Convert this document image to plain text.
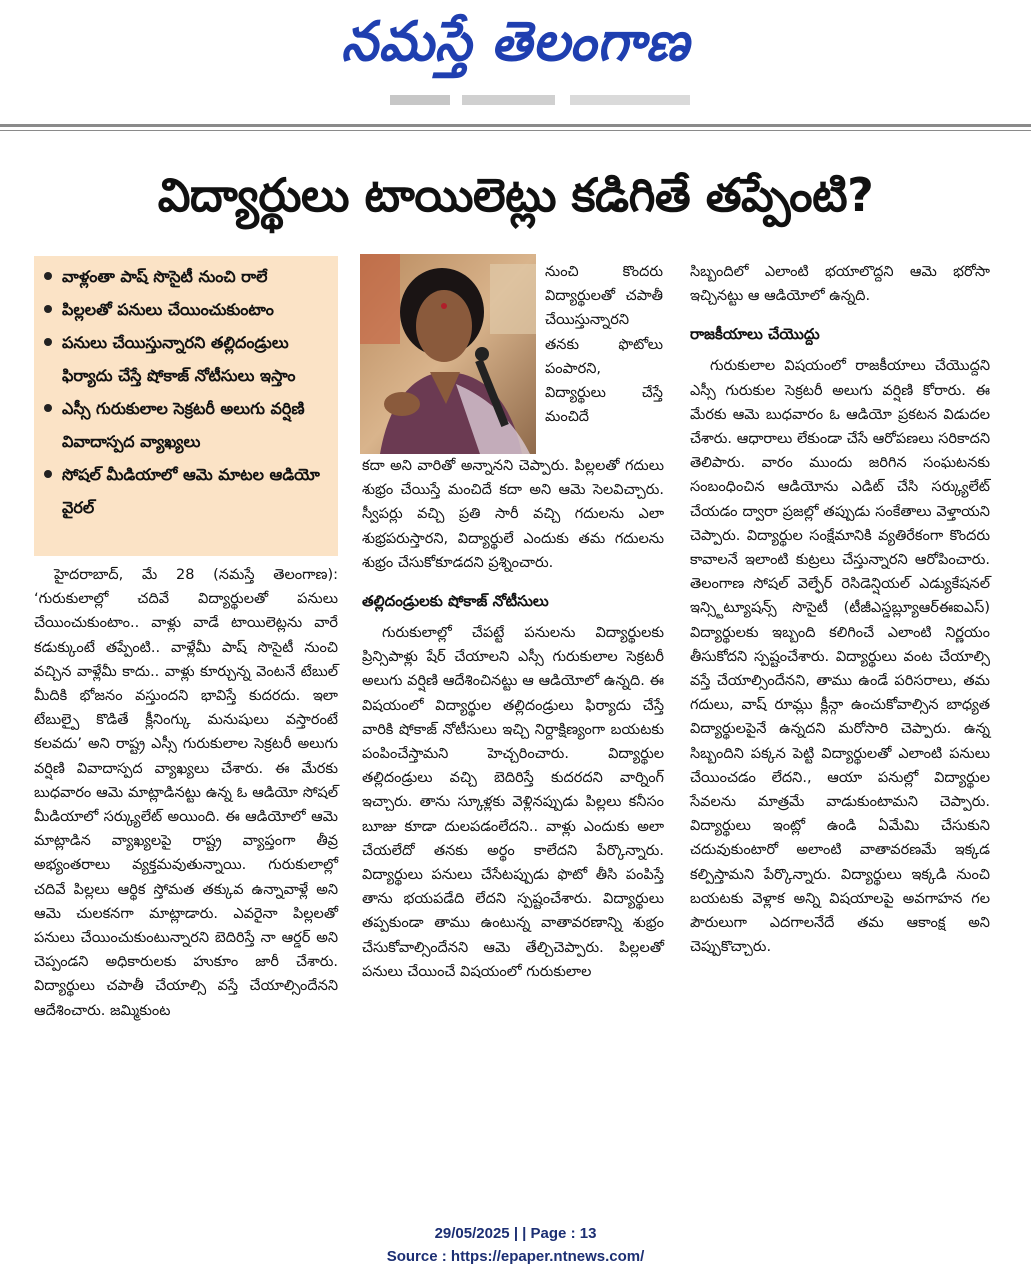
నమస్తే తెలంగాణ
విద్యార్థులు టాయిలెట్లు కడిగితే తప్పేంటి?
వాళ్లంతా పాష్ సొసైటీ నుంచి రాలే
పిల్లలతో పనులు చేయించుకుంటాం
పనులు చేయిస్తున్నారని తల్లిదండ్రులు ఫిర్యాదు చేస్తే షోకాజ్ నోటీసులు ఇస్తాం
ఎస్సీ గురుకులాల సెక్రటరీ అలుగు వర్షిణి వివాదాస్పద వ్యాఖ్యలు
సోషల్ మీడియాలో ఆమె మాటల ఆడియో వైరల్

హైదరాబాద్, మే 28 (నమస్తే తెలంగాణ): ‘గురుకులాల్లో చదివే విద్యార్థులతో పనులు చేయించుకుంటాం.. వాళ్లు వాడే టాయిలెట్లను వారే కడుక్కుంటే తప్పేంటి.. వాళ్లేమీ పాష్ సొసైటీ నుంచి వచ్చిన వాళ్లేమీ కాదు.. వాళ్లు కూర్చున్న వెంటనే టేబుల్ మీదికి భోజనం వస్తుందని భావిస్తే కుదరదు. ఇలా టేబుల్పై కొడితే క్లీనింగ్కు మనుషులు వస్తారంటే కలవదు’ అని రాష్ట్ర ఎస్సీ గురుకులాల సెక్రటరీ అలుగు వర్షిణి వివాదాస్పద వ్యాఖ్యలు చేశారు. ఈ మేరకు బుధవారం ఆమె మాట్లాడినట్టు ఉన్న ఓ ఆడియో సోషల్ మీడియాలో సర్క్యులేట్ అయింది. ఈ ఆడియోలో ఆమె మాట్లాడిన వ్యాఖ్యలపై రాష్ట్ర వ్యాప్తంగా తీవ్ర అభ్యంతరాలు వ్యక్తమవుతున్నాయి. గురుకులాల్లో చదివే పిల్లలు ఆర్థిక స్తోమత తక్కువ ఉన్నావాళ్లే అని ఆమె చులకనగా మాట్లాడారు. ఎవరైనా పిల్లలతో పనులు చేయించుకుంటున్నారని బెదిరిస్తే నా ఆర్డర్ అని చెప్పండని అధికారులకు హుకూం జారీ చేశారు. విద్యార్థులు చపాతీ చేయాల్సి వస్తే చేయాల్సిందేనని ఆదేశించారు. జమ్మికుంట

నుంచి కొందరు విద్యార్థులతో చపాతీ చేయిస్తున్నారని తనకు ఫొటోలు పంపారని, విద్యార్థులు చేస్తే మంచిదే

కదా అని వారితో అన్నానని చెప్పారు. పిల్లలతో గదులు శుభ్రం చేయిస్తే మంచిదే కదా అని ఆమె సెలవిచ్చారు. స్వీపర్లు వచ్చి ప్రతి సారీ వచ్చి గదులను ఎలా శుభ్రపరుస్తారని, విద్యార్థులే ఎందుకు తమ గదులను శుభ్రం చేసుకోకూడదని ప్రశ్నించారు.

తల్లిదండ్రులకు షోకాజ్ నోటీసులు

గురుకులాల్లో చేపట్టే పనులను విద్యార్థులకు ప్రిన్సిపాళ్లు షేర్ చేయాలని ఎస్సీ గురుకులాల సెక్రటరీ అలుగు వర్షిణి ఆదేశించినట్టు ఆ ఆడియోలో ఉన్నది. ఈ విషయంలో విద్యార్థుల తల్లిదండ్రులు ఫిర్యాదు చేస్తే వారికి షోకాజ్ నోటీసులు ఇచ్చి నిర్దాక్షిణ్యంగా బయటకు పంపించేస్తామని హెచ్చరించారు. విద్యార్థుల తల్లిదండ్రులు వచ్చి బెదిరిస్తే కుదరదని వార్నింగ్ ఇచ్చారు. తాను స్కూళ్లకు వెళ్లినప్పుడు పిల్లలు కనీసం బూజు కూడా దులపడంలేదని.. వాళ్లు ఎందుకు అలా చేయలేదో తనకు అర్థం కాలేదని పేర్కొన్నారు. విద్యార్థులు పనులు చేసేటప్పుడు ఫొటో తీసి పంపిస్తే తాను భయపడేది లేదని స్పష్టంచేశారు. విద్యార్థులు తప్పకుండా తాము ఉంటున్న వాతావరణాన్ని శుభ్రం చేసుకోవాల్సిందేనని ఆమె తేల్చిచెప్పారు. పిల్లలతో పనులు చేయించే విషయంలో గురుకులాల

సిబ్బందిలో ఎలాంటి భయాలొద్దని ఆమె భరోసా ఇచ్చినట్టు ఆ ఆడియోలో ఉన్నది.

రాజకీయాలు చేయొద్దు

గురుకులాల విషయంలో రాజకీయాలు చేయొద్దని ఎస్సీ గురుకుల సెక్రటరీ అలుగు వర్షిణి కోరారు. ఈ మేరకు ఆమె బుధవారం ఓ ఆడియో ప్రకటన విడుదల చేశారు. ఆధారాలు లేకుండా చేసే ఆరోపణలు సరికాదని తెలిపారు. వారం ముందు జరిగిన సంఘటనకు సంబంధించిన ఆడియోను ఎడిట్ చేసి సర్క్యులేట్ చేయడం ద్వారా ప్రజల్లో తప్పుడు సంకేతాలు వెళ్తాయని చెప్పారు. విద్యార్థుల సంక్షేమానికి వ్యతిరేకంగా కొందరు కావాలనే ఇలాంటి కుట్రలు చేస్తున్నారని ఆరోపించారు. తెలంగాణ సోషల్ వెల్ఫేర్ రెసిడెన్షియల్ ఎడ్యుకేషనల్ ఇన్స్టిట్యూషన్స్ సొసైటీ (టీజీఎస్డబ్ల్యూఆర్ఈఐఎస్) విద్యార్థులకు ఇబ్బంది కలిగించే ఎలాంటి నిర్ణయం తీసుకోదని స్పష్టంచేశారు. విద్యార్థులు వంట చేయాల్సి వస్తే చేయాల్సిందేనని, తాము ఉండే పరిసరాలు, తమ గదులు, వాష్ రూమ్లు క్లీన్గా ఉంచుకోవాల్సిన బాధ్యత విద్యార్థులపైనే ఉన్నదని మరోసారి చెప్పారు. ఉన్న సిబ్బందిని పక్కన పెట్టి విద్యార్థులతో ఎలాంటి పనులు చేయించడం లేదని., ఆయా పనుల్లో విద్యార్థుల సేవలను మాత్రమే వాడుకుంటామని చెప్పారు. విద్యార్థులు ఇంట్లో ఉండి ఏమేమి చేసుకుని చదువుకుంటారో అలాంటి వాతావరణమే ఇక్కడ కల్పిస్తామని పేర్కొన్నారు. విద్యార్థులు ఇక్కడి నుంచి బయటకు వెళ్లాక అన్ని విషయాలపై అవగాహన గల పౌరులుగా ఎదగాలనేదే తమ ఆకాంక్ష అని చెప్పుకొచ్చారు.

29/05/2025 | | Page : 13
Source : https://epaper.ntnews.com/
